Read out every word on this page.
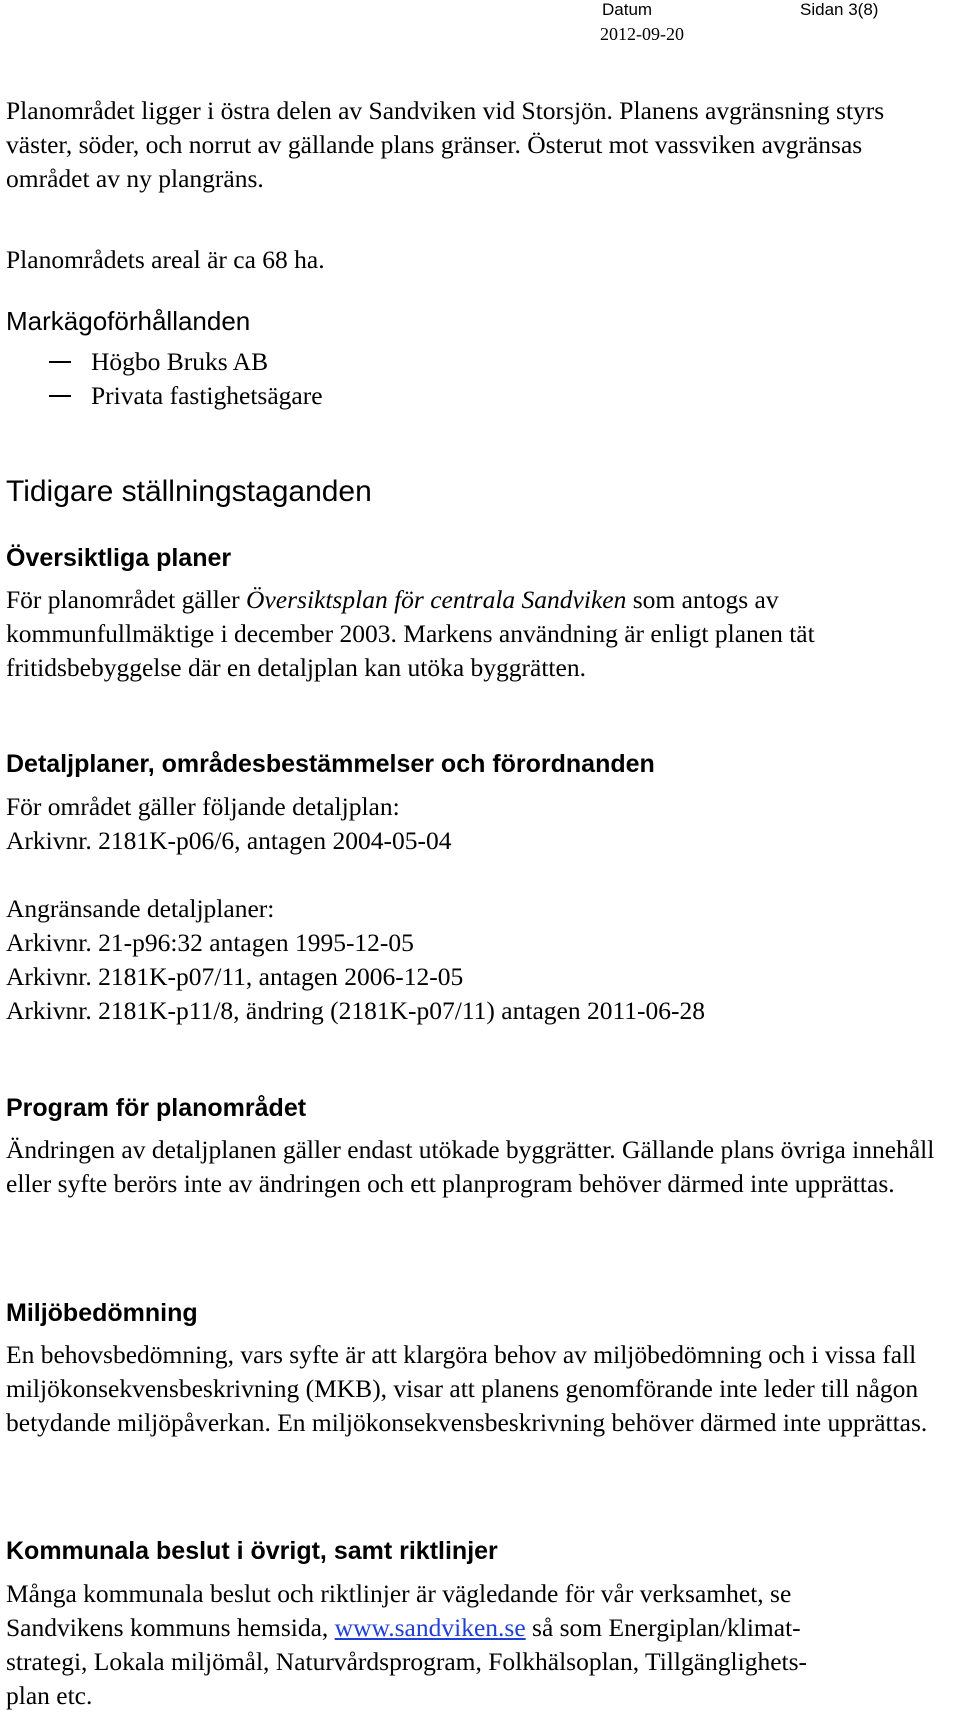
Datum
2012-09-20
Sidan 3(8)

Planområdet ligger i östra delen av Sandviken vid Storsjön. Planens avgränsning styrs väster, söder, och norrut av gällande plans gränser. Österut mot vassviken avgränsas området av ny plangräns.

Planområdets areal är ca 68 ha.

Markägoförhållanden
Högbo Bruks AB
Privata fastighetsägare
Tidigare ställningstaganden
Översiktliga planer

För planområdet gäller Översiktsplan för centrala Sandviken som antogs av kommunfullmäktige i december 2003. Markens användning är enligt planen tät fritidsbebyggelse där en detaljplan kan utöka byggrätten.

Detaljplaner, områdesbestämmelser och förordnanden

För området gäller följande detaljplan:

Arkivnr. 2181K-p06/6, antagen 2004-05-04

Angränsande detaljplaner:

Arkivnr. 21-p96:32 antagen 1995-12-05

Arkivnr. 2181K-p07/11, antagen 2006-12-05

Arkivnr. 2181K-p11/8, ändring (2181K-p07/11) antagen 2011-06-28

Program för planområdet

Ändringen av detaljplanen gäller endast utökade byggrätter. Gällande plans övriga innehåll eller syfte berörs inte av ändringen och ett planprogram behöver därmed inte upprättas.

Miljöbedömning

En behovsbedömning, vars syfte är att klargöra behov av miljöbedömning och i vissa fall miljökonsekvensbeskrivning (MKB), visar att planens genomförande inte leder till någon betydande miljöpåverkan. En miljökonsekvensbeskrivning behöver därmed inte upprättas.

Kommunala beslut i övrigt, samt riktlinjer

Många kommunala beslut och riktlinjer är vägledande för vår verksamhet, se
Sandvikens kommuns hemsida, www.sandviken.se så som Energiplan/klimat-
strategi, Lokala miljömål, Naturvårdsprogram, Folkhälsoplan, Tillgänglighets-
plan etc.
